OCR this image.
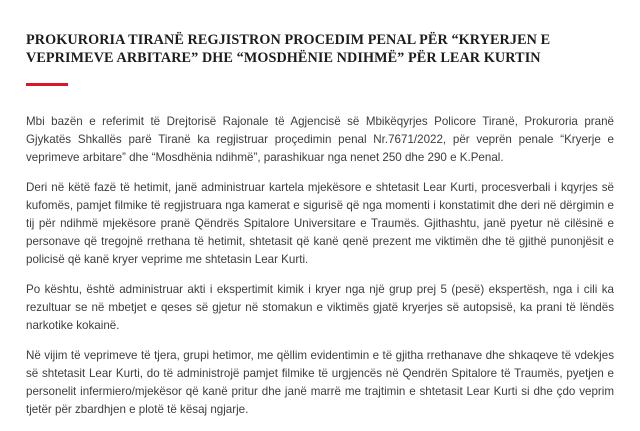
PROKURORIA TIRANË REGJISTRON PROCEDIM PENAL PËR “KRYERJEN E VEPRIMEVE ARBITARE” DHE “MOSDHËNIE NDIHMË” PËR LEAR KURTIN

Mbi bazën e referimit të Drejtorisë Rajonale të Agjencisë së Mbikëqyrjes Policore Tiranë, Prokuroria pranë Gjykatës Shkallës parë Tiranë ka regjistruar proçedimin penal Nr.7671/2022, për veprën penale “Kryerje e veprimeve arbitare” dhe “Mosdhënia ndihmë”, parashikuar nga nenet 250 dhe 290 e K.Penal.

Deri në këtë fazë të hetimit, janë administruar kartela mjekësore e shtetasit Lear Kurti, procesverbali i kqyrjes së kufomës, pamjet filmike të regjistruara nga kamerat e sigurisë që nga momenti i konstatimit dhe deri në dërgimin e tij për ndihmë mjekësore pranë Qëndrës Spitalore Universitare e Traumës. Gjithashtu, janë pyetur në cilësinë e personave që tregojnë rrethana të hetimit, shtetasit që kanë qenë prezent me viktimën dhe të gjithë punonjësit e policisë që kanë kryer veprime me shtetasin Lear Kurti.

Po kështu, është administruar akti i ekspertimit kimik i kryer nga një grup prej 5 (pesë) ekspertësh, nga i cili ka rezultuar se në mbetjet e qeses së gjetur në stomakun e viktimës gjatë kryerjes së autopsisë, ka prani të lëndës narkotike kokainë.

Në vijim të veprimeve të tjera, grupi hetimor, me qëllim evidentimin e të gjitha rrethanave dhe shkaqeve të vdekjes së shtetasit Lear Kurti, do të administrojë pamjet filmike të urgjencës në Qendrën Spitalore të Traumës, pyetjen e personelit infermiero/mjekësor që kanë pritur dhe janë marrë me trajtimin e shtetasit Lear Kurti si dhe çdo veprim tjetër për zbardhjen e plotë të kësaj ngjarje.
